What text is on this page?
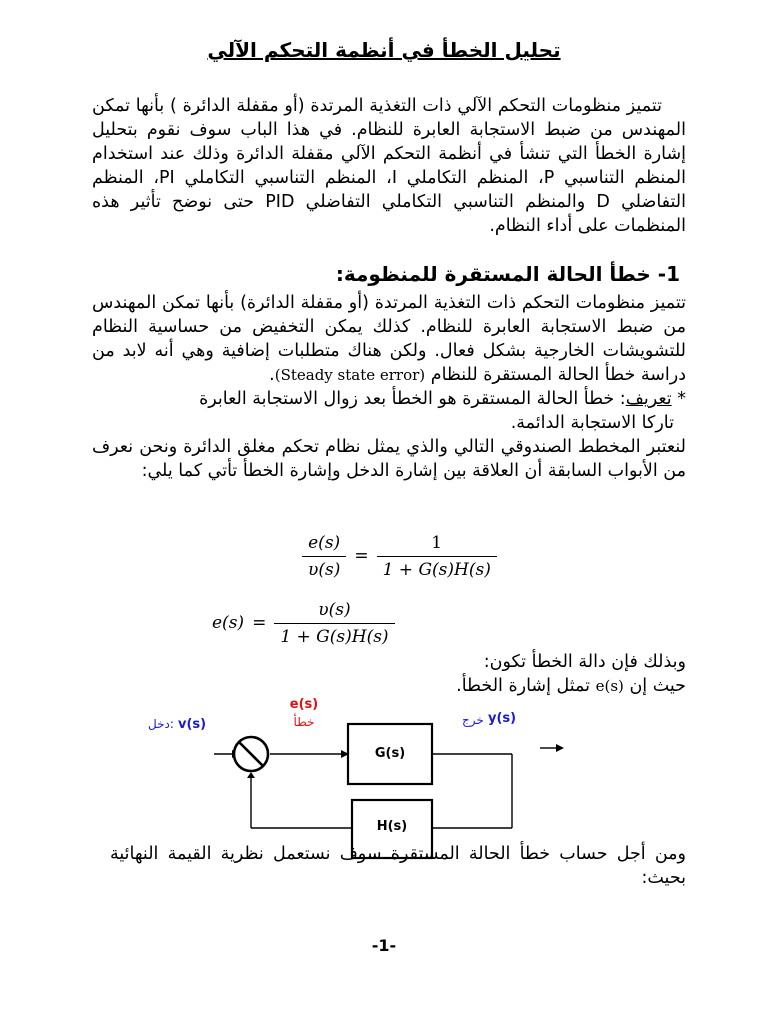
تحليل الخطأ في أنظمة التحكم الآلي

تتميز منظومات التحكم الآلي ذات التغذية المرتدة (أو مقفلة الدائرة ) بأنها تمكن المهندس من ضبط الاستجابة العابرة للنظام. في هذا الباب سوف نقوم بتحليل إشارة الخطأ التي تنشأ في أنظمة التحكم الآلي مقفلة الدائرة وذلك عند استخدام المنظم التناسبي P، المنظم التكاملي I، المنظم التناسبي التكاملي PI، المنظم التفاضلي D والمنظم التناسبي التكاملي التفاضلي PID حتى نوضح تأثير هذه المنظمات على أداء النظام.

1- خطأ الحالة المستقرة للمنظومة:
تتميز منظومات التحكم ذات التغذية المرتدة (أو مقفلة الدائرة) بأنها تمكن المهندس من ضبط الاستجابة العابرة للنظام. كذلك يمكن التخفيض من حساسية النظام للتشويشات الخارجية بشكل فعال. ولكن هناك متطلبات إضافية وهي أنه لابد من دراسة خطأ الحالة المستقرة للنظام (Steady state error).
* تعريف: خطأ الحالة المستقرة هو الخطأ بعد زوال الاستجابة العابرة
تاركا الاستجابة الدائمة.
لنعتبر المخطط الصندوقي التالي والذي يمثل نظام تحكم مغلق الدائرة ونحن نعرف من الأبواب السابقة أن العلاقة بين إشارة الدخل وإشارة الخطأ تأتي كما يلي:
$\frac{e(s)}{\upsilon(s)} = \frac{1}{1 + G(s)H(s)}$
$e(s) = \frac{\upsilon(s)}{1 + G(s)H(s)}$
وبذلك فإن دالة الخطأ تكون:
حيث إن e(s) تمثل إشارة الخطأ.
G(s)
H(s)
v(s)
دخل:
e(s)
خطأ	خرج y(s)

ومن أجل حساب خطأ الحالة المستقرة سوف نستعمل نظرية القيمة النهائية بحيث:

-1-
